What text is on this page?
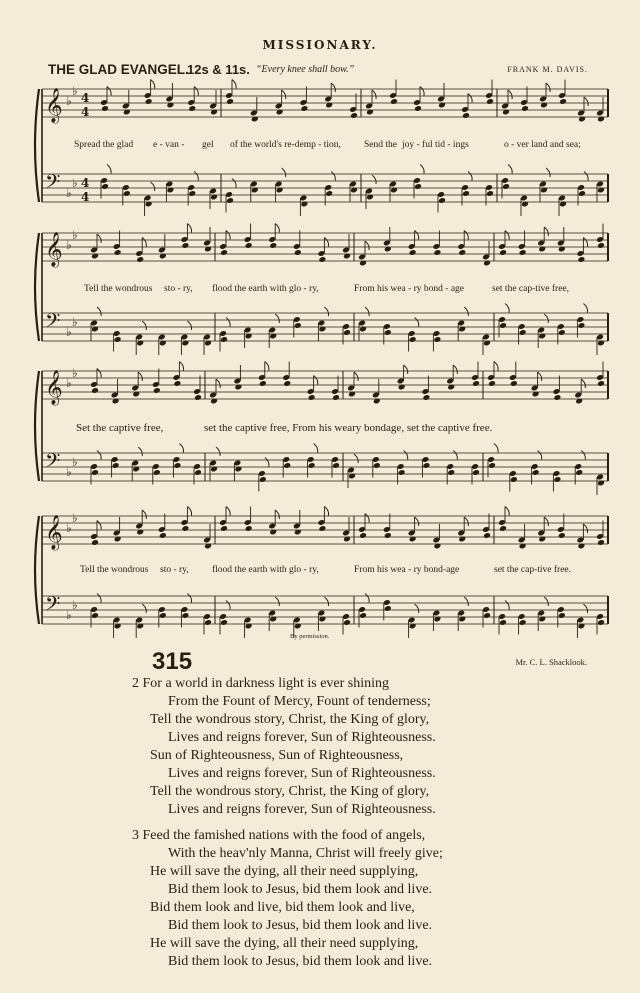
MISSIONARY.
THE GLAD EVANGEL.
12s & 11s. “Every knee shall bow.”	FRANK M. DAVIS.
𝄞 ♭
♭ 4
4
𝄢 ♭
♭ 4
4
𝄞 ♭
♭
𝄢 ♭
♭
𝄞 ♭
♭
𝄢 ♭
♭
𝄞 ♭
♭
𝄢 ♭
♭
Spread the glad e - van - gel of the world's re-demp - tion, Send the joy - ful tid - ings	o - ver land and sea;
Tell the wondrous sto - ry, flood the earth with glo - ry,	From his wea - ry bond - age	set the cap-tive free,
Set the captive free,	set the captive free, From his weary bondage, set the captive free.
Tell the wondrous sto - ry, flood the earth with glo - ry,	From his wea - ry bond-age	set the cap-tive free.
By permission.
315	Mr. C. L. Shacklook.
2 For a world in darkness light is ever shining
From the Fount of Mercy, Fount of tenderness;
Tell the wondrous story, Christ, the King of glory,
Lives and reigns forever, Sun of Righteousness.
Sun of Righteousness, Sun of Righteousness,
Lives and reigns forever, Sun of Righteousness.
Tell the wondrous story, Christ, the King of glory,
Lives and reigns forever, Sun of Righteousness.
3 Feed the famished nations with the food of angels,
With the heav'nly Manna, Christ will freely give;
He will save the dying, all their need supplying,
Bid them look to Jesus, bid them look and live.
Bid them look and live, bid them look and live,
Bid them look to Jesus, bid them look and live.
He will save the dying, all their need supplying,
Bid them look to Jesus, bid them look and live.
